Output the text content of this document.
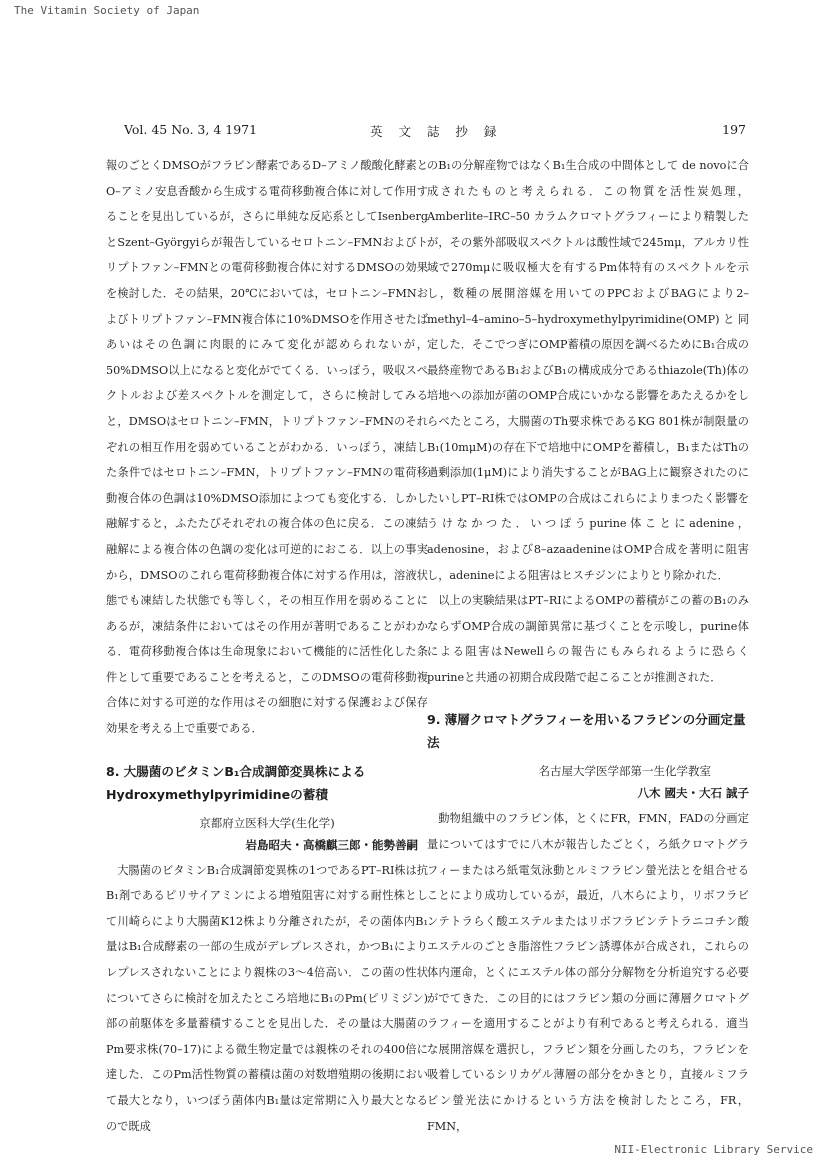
The Vitamin Society of Japan
Vol. 45 No. 3, 4 1971	英 文 誌 抄 録	197

報のごとくDMSOがフラビン酵素であるD–アミノ酸酸化酵素とO–アミノ安息香酸から生成する電荷移動複合体に対して作用することを見出しているが，さらに単純な反応系としてIsenbergとSzent–Györgyiらが報告しているセロトニン–FMNおよびトリプトファン–FMNとの電荷移動複合体に対するDMSOの効果を検討した．その結果，20℃においては，セロトニン–FMNおよびトリプトファン–FMN複合体に10%DMSOを作用させたばあいはその色調に肉眼的にみて変化が認められないが，50%DMSO以上になると変化がでてくる．いっぽう，吸収スペクトルおよび差スペクトルを測定して，さらに検討してみると，DMSOはセロトニン–FMN，トリプトファン–FMNのそれぞれの相互作用を弱めていることがわかる．いっぽう，凍結した条件ではセロトニン–FMN，トリプトファン–FMNの電荷移動複合体の色調は10%DMSO添加によつても変化する．しかし融解すると，ふたたびそれぞれの複合体の色に戻る．この凍結融解による複合体の色調の変化は可逆的におこる．以上の事実から，DMSOのこれら電荷移動複合体に対する作用は，溶液状態でも凍結した状態でも等しく，その相互作用を弱めることにあるが，凍結条件においてはその作用が著明であることがわかる．電荷移動複合体は生命現象において機能的に活性化した条件として重要であることを考えると，このDMSOの電荷移動複合体に対する可逆的な作用はその細胞に対する保護および保存効果を考える上で重要である．

8. 大腸菌のビタミンB₁合成調節変異株によるHydroxymethylpyrimidineの蓄積
京都府立医科大学(生化学)
岩島昭夫・高橋麒三郎・能勢善嗣

大腸菌のビタミンB₁合成調節変異株の1つであるPT–RI株は抗B₁剤であるピリサイアミンによる増殖阻害に対する耐性株として川崎らにより大腸菌K12株より分離されたが，その菌体内B₁量はB₁合成酵素の一部の生成がデレプレスされ，かつB₁によりレプレスされないことにより親株の3～4倍高い．この菌の性状についてさらに検討を加えたところ培地にB₁のPm(ピリミジン)部の前駆体を多量蓄積することを見出した．その量は大腸菌のPm要求株(70–17)による微生物定量では親株のそれの400倍に達した．このPm活性物質の蓄積は菌の対数増殖期の後期において最大となり，いつぽう菌体内B₁量は定常期に入り最大となるので既成

のB₁の分解産物ではなくB₁生合成の中間体として de novoに合成されたものと考えられる．この物質を活性炭処理，Amberlite–IRC–50 カラムクロマトグラフィーにより精製したが，その紫外部吸収スペクトルは酸性域で245mμ，アルカリ性域で270mμに吸収極大を有するPm体特有のスペクトルを示し，数種の展開溶媒を用いてのPPCおよびBAGにより2–methyl–4–amino–5–hydroxymethylpyrimidine(OMP)と同定した．そこでつぎにOMP蓄積の原因を調べるためにB₁合成の最終産物であるB₁およびB₁の構成成分であるthiazole(Th)体の培地への添加が菌のOMP合成にいかなる影響をあたえるかをしらべたところ，大腸菌のTh要求株であるKG 801株が制限量のB₁(10mμM)の存在下で培地中にOMPを蓄積し，B₁またはThの過剰添加(1μM)により消失することがBAG上に観察されたのにたいしPT–RI株ではOMPの合成はこれらによりまつたく影響をうけなかつた．いつぽうpurine体ことにadenine，adenosine，および8–azaadenineはOMP合成を著明に阻害し，adenineによる阻害はヒスチジンによりとり除かれた．

以上の実験結果はPT–RIによるOMPの蓄積がこの蓄のB₁のみならずOMP合成の調節異常に基づくことを示唆し，purine体による阻害はNewellらの報告にもみられるように恐らくpurineと共通の初期合成段階で起こることが推測された．

9. 薄層クロマトグラフィーを用いるフラビンの分画定量法
名古屋大学医学部第一生化学教室
八木 國夫・大石 誠子

動物組織中のフラビン体，とくにFR，FMN，FADの分画定量についてはすでに八木が報告したごとく，ろ紙クロマトグラフィーまたはろ紙電気泳動とルミフラビン螢光法とを組合せることにより成功しているが，最近，八木らにより，リボフラビンテトラらく酸エステルまたはリボフラビンテトラニコチン酸エステルのごとき脂溶性フラビン誘導体が合成され，これらの体内運命，とくにエステル体の部分分解物を分析追究する必要がでてきた．この目的にはフラビン類の分画に薄層クロマトグラフィーを適用することがより有利であると考えられる．適当な展開溶媒を選択し，フラビン類を分画したのち，フラビンを吸着しているシリカゲル薄層の部分をかきとり，直接ルミフラビン螢光法にかけるという方法を検討したところ，FR，FMN，

NII-Electronic Library Service
